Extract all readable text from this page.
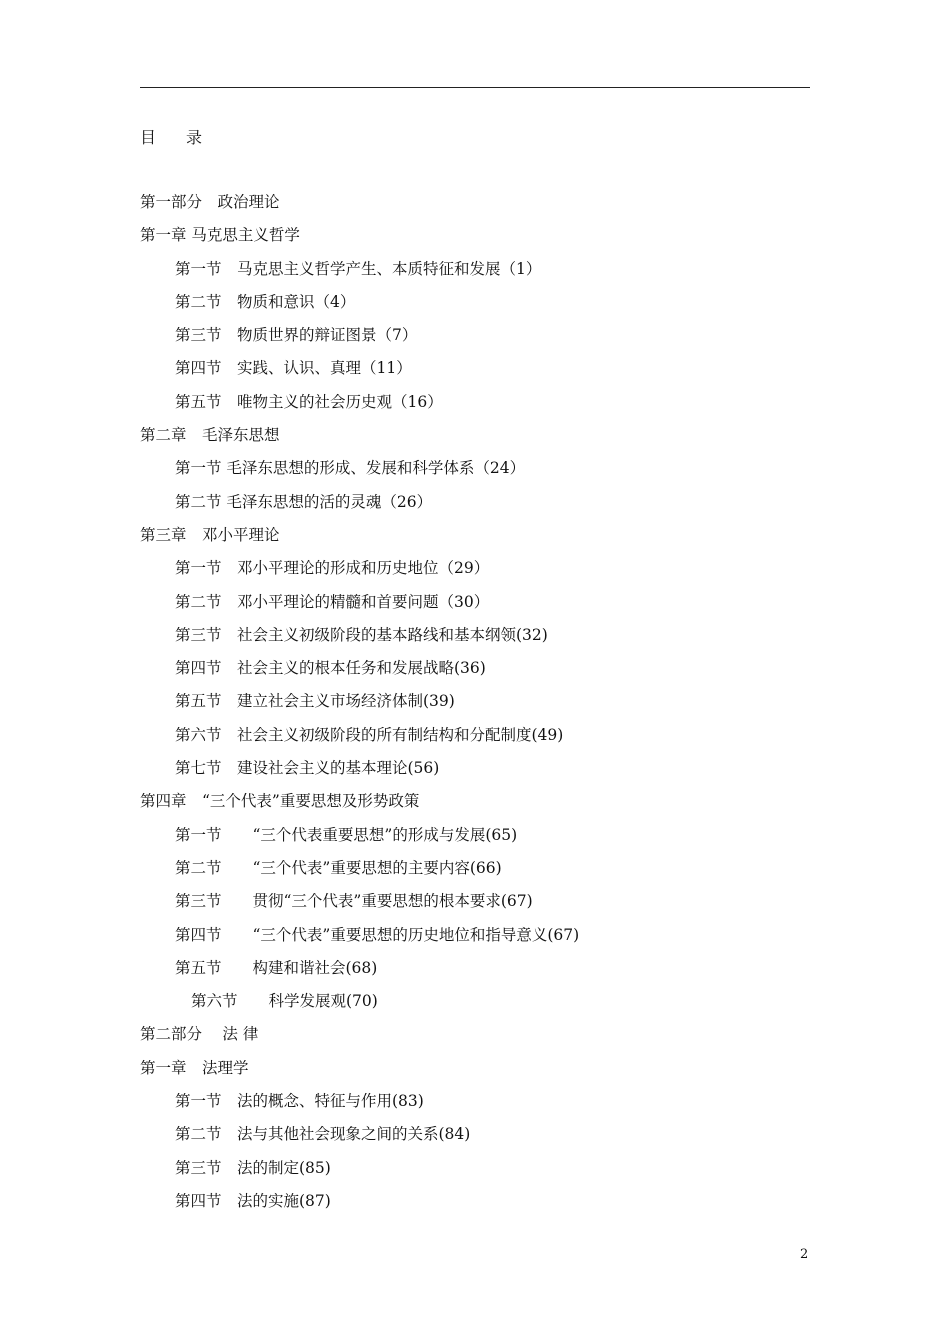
目 录
第一部分　政治理论
第一章 马克思主义哲学
第一节　马克思主义哲学产生、本质特征和发展（1）
第二节　物质和意识（4）
第三节　物质世界的辩证图景（7）
第四节　实践、认识、真理（11）
第五节　唯物主义的社会历史观（16）
第二章　毛泽东思想
第一节 毛泽东思想的形成、发展和科学体系（24）
第二节 毛泽东思想的活的灵魂（26）
第三章　邓小平理论
第一节　邓小平理论的形成和历史地位（29）
第二节　邓小平理论的精髓和首要问题（30）
第三节　社会主义初级阶段的基本路线和基本纲领(32)
第四节　社会主义的根本任务和发展战略(36)
第五节　建立社会主义市场经济体制(39)
第六节　社会主义初级阶段的所有制结构和分配制度(49)
第七节　建设社会主义的基本理论(56)
第四章　“三个代表”重要思想及形势政策
第一节　　“三个代表重要思想”的形成与发展(65)
第二节　　“三个代表”重要思想的主要内容(66)
第三节　　贯彻“三个代表”重要思想的根本要求(67)
第四节　　“三个代表”重要思想的历史地位和指导意义(67)
第五节　　构建和谐社会(68)
第六节　　科学发展观(70)
第二部分　 法 律
第一章　法理学
第一节　法的概念、特征与作用(83)
第二节　法与其他社会现象之间的关系(84)
第三节　法的制定(85)
第四节　法的实施(87)
2
